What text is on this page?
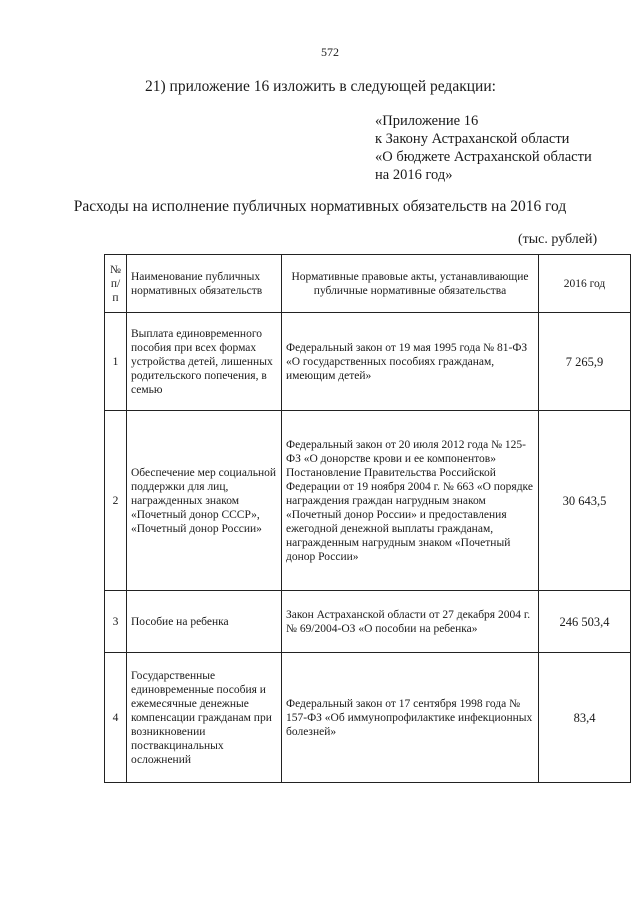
572
21) приложение 16 изложить в следующей редакции:
«Приложение 16
к Закону Астраханской области
«О бюджете Астраханской области
на 2016 год»
Расходы на исполнение публичных нормативных обязательств на 2016 год
(тыс. рублей)
№ п/п	Наименование публичных нормативных обязательств	Нормативные правовые акты, устанавливающие публичные нормативные обязательства	2016 год
1	Выплата единовременного пособия при всех формах устройства детей, лишенных родительского попечения, в семью	Федеральный закон от 19 мая 1995 года № 81-ФЗ «О государственных пособиях гражданам, имеющим детей»	7 265,9
2	Обеспечение мер социальной поддержки для лиц, награжденных знаком «Почетный донор СССР», «Почетный донор России»	Федеральный закон от 20 июля 2012 года № 125-ФЗ «О донорстве крови и ее компонентов» Постановление Правительства Российской Федерации от 19 ноября 2004 г. № 663 «О порядке награждения граждан нагрудным знаком «Почетный донор России» и предоставления ежегодной денежной выплаты гражданам, награжденным нагрудным знаком «Почетный донор России»	30 643,5
3	Пособие на ребенка	Закон Астраханской области от 27 декабря 2004 г. № 69/2004-ОЗ «О пособии на ребенка»	246 503,4
4	Государственные единовременные пособия и ежемесячные денежные компенсации гражданам при возникновении поствакцинальных осложнений	Федеральный закон от 17 сентября 1998 года № 157-ФЗ «Об иммунопрофилактике инфекционных болезней»	83,4
